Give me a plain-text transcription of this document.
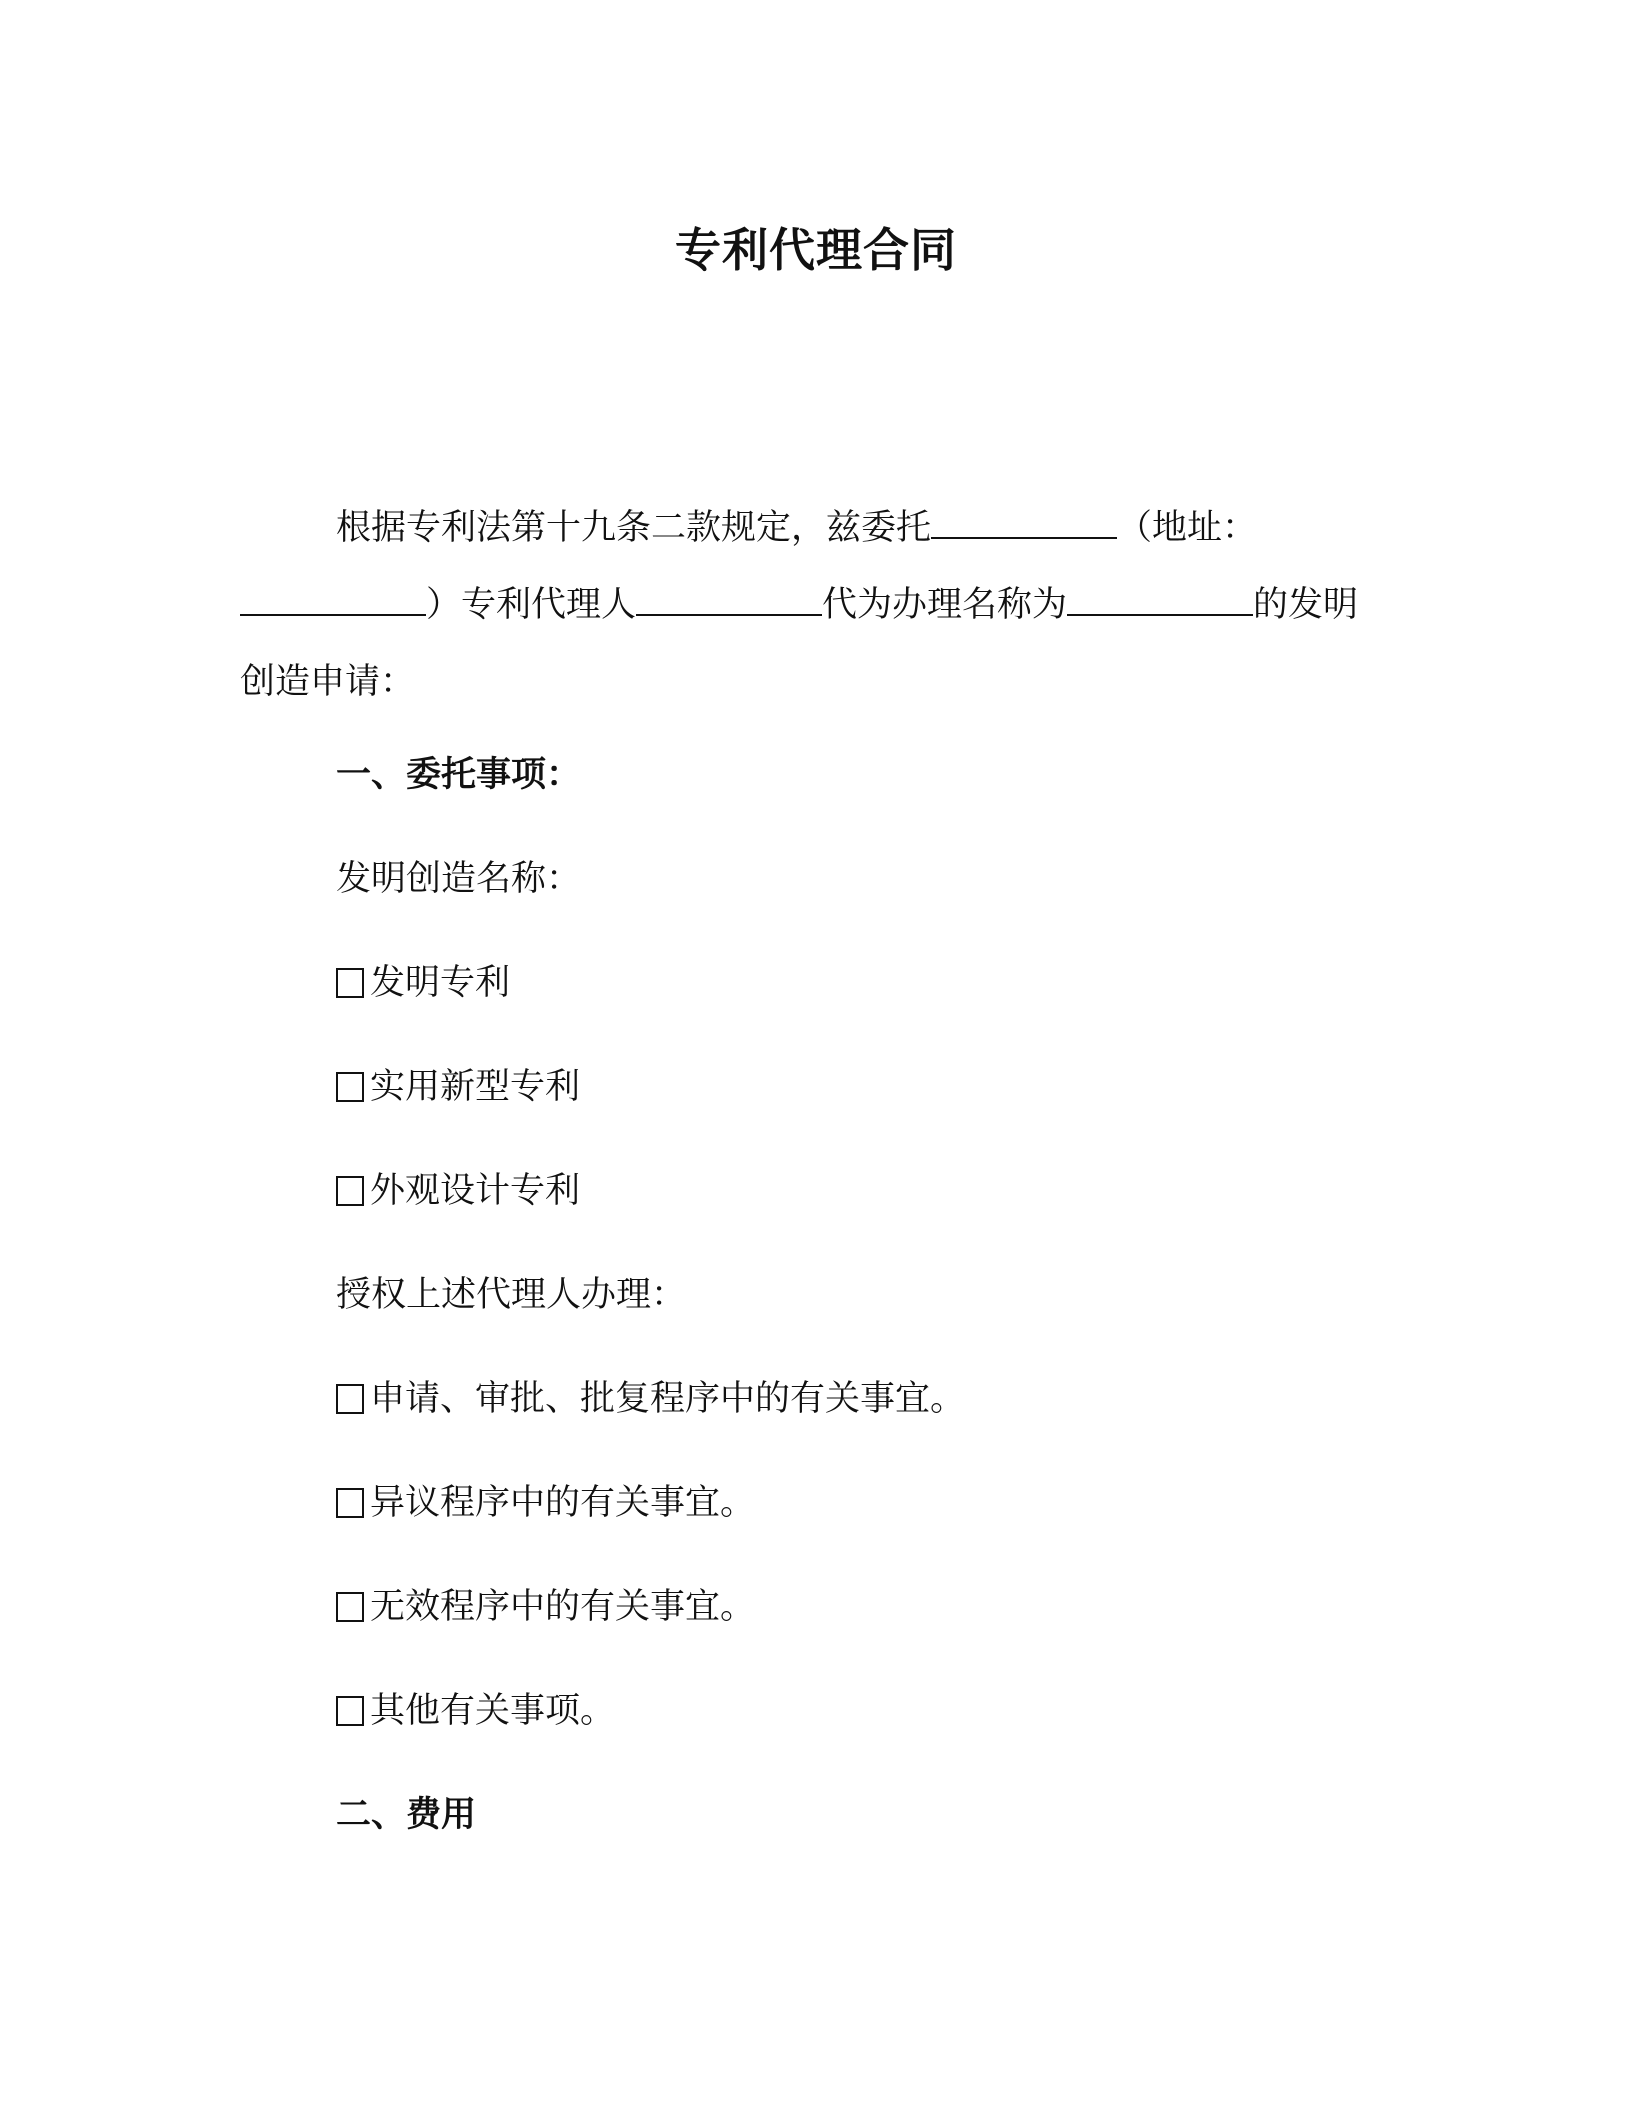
专利代理合同
根据专利法第十九条二款规定，兹委托	（地址：）专利代理人	代为办理名称为	的发明创造申请：
一、委托事项：
发明创造名称：
发明专利
实用新型专利
外观设计专利
授权上述代理人办理：
申请、审批、批复程序中的有关事宜。
异议程序中的有关事宜。
无效程序中的有关事宜。
其他有关事项。
二、费用
